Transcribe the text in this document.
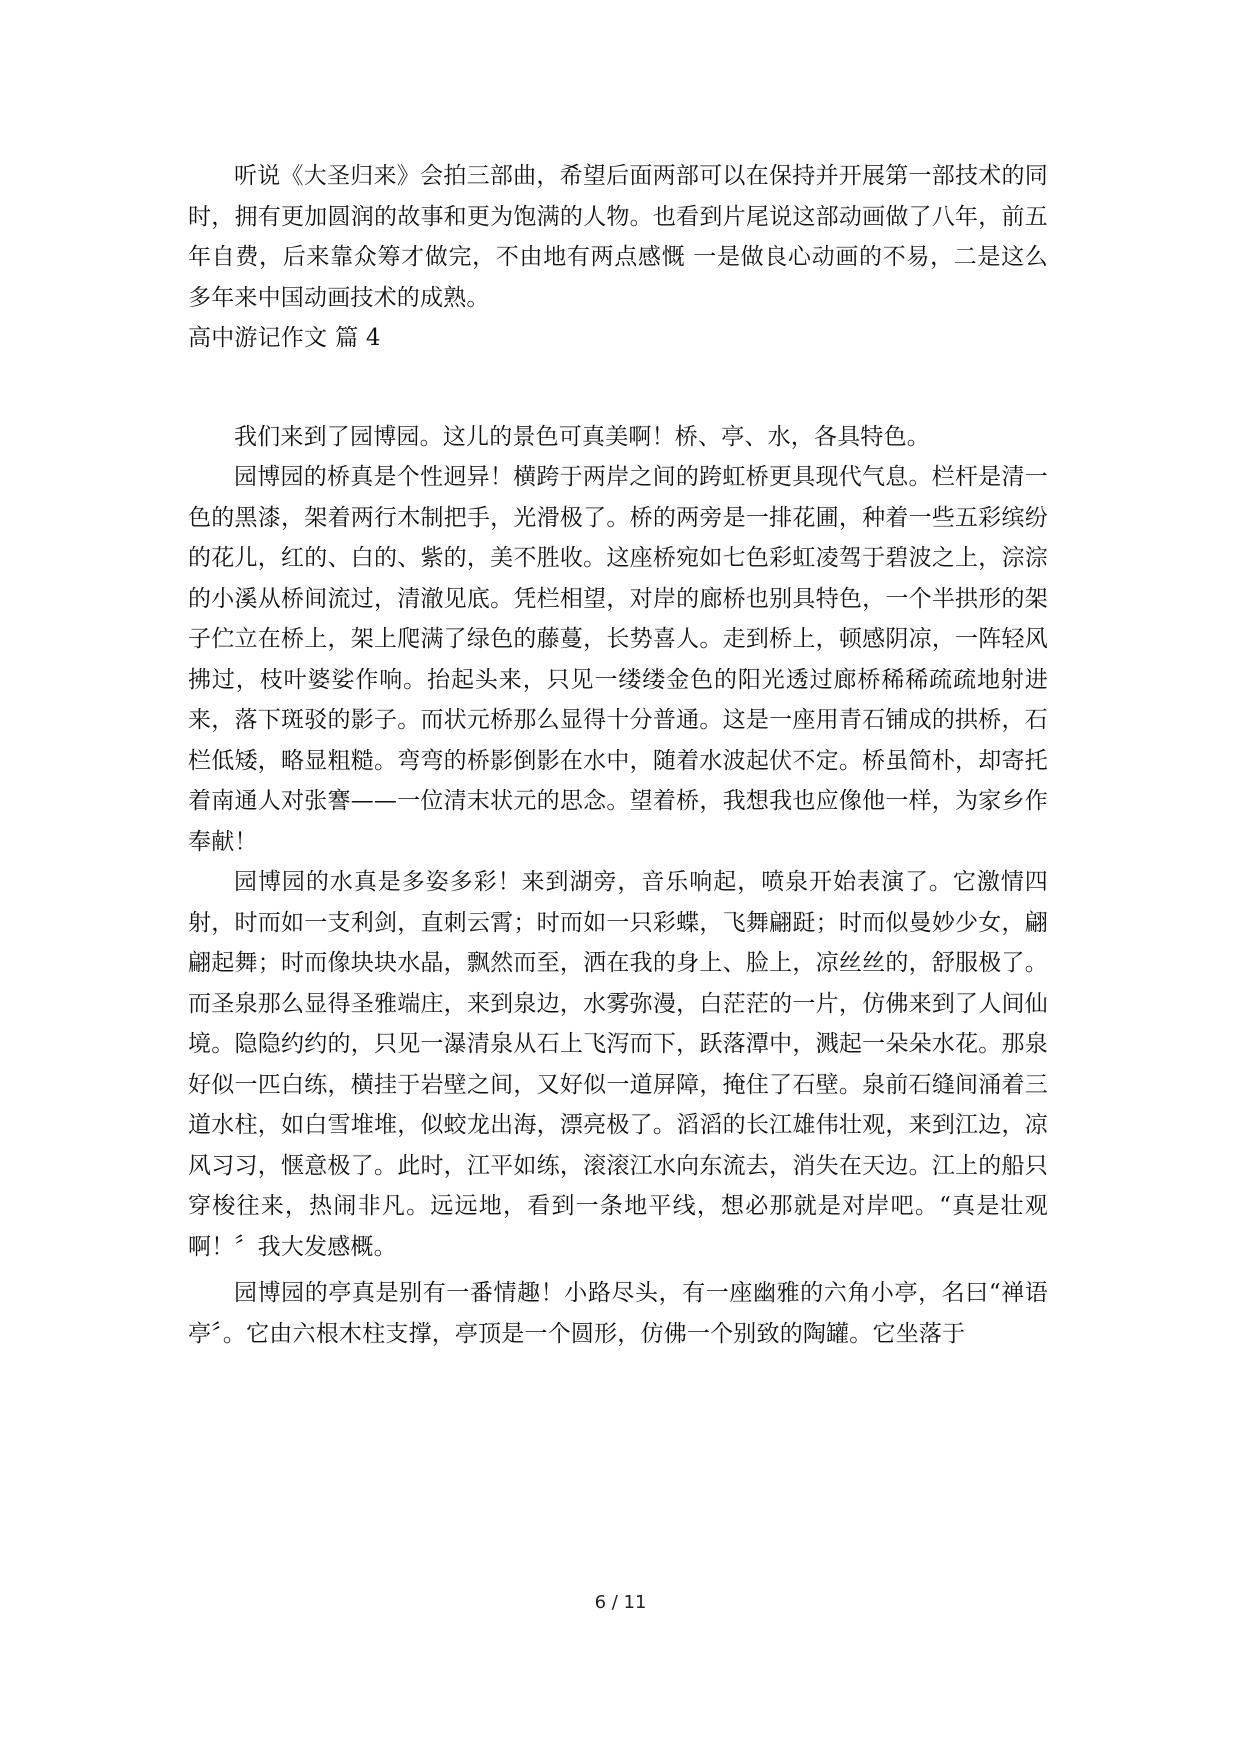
听说《大圣归来》会拍三部曲，希望后面两部可以在保持并开展第一部技术的同时，拥有更加圆润的故事和更为饱满的人物。也看到片尾说这部动画做了八年，前五年自费，后来靠众筹才做完，不由地有两点感慨 一是做良心动画的不易，二是这么多年来中国动画技术的成熟。

高中游记作文 篇 4

我们来到了园博园。这儿的景色可真美啊！桥、亭、水，各具特色。

园博园的桥真是个性迥异！横跨于两岸之间的跨虹桥更具现代气息。栏杆是清一色的黑漆，架着两行木制把手，光滑极了。桥的两旁是一排花圃，种着一些五彩缤纷的花儿，红的、白的、紫的，美不胜收。这座桥宛如七色彩虹凌驾于碧波之上，淙淙的小溪从桥间流过，清澈见底。凭栏相望，对岸的廊桥也别具特色，一个半拱形的架子伫立在桥上，架上爬满了绿色的藤蔓，长势喜人。走到桥上，顿感阴凉，一阵轻风拂过，枝叶婆娑作响。抬起头来，只见一缕缕金色的阳光透过廊桥稀稀疏疏地射进来，落下斑驳的影子。而状元桥那么显得十分普通。这是一座用青石铺成的拱桥，石栏低矮，略显粗糙。弯弯的桥影倒影在水中，随着水波起伏不定。桥虽简朴，却寄托着南通人对张謇——一位清末状元的思念。望着桥，我想我也应像他一样，为家乡作奉献！

园博园的水真是多姿多彩！来到湖旁，音乐响起，喷泉开始表演了。它激情四射，时而如一支利剑，直刺云霄；时而如一只彩蝶，飞舞翩跹；时而似曼妙少女，翩翩起舞；时而像块块水晶，飘然而至，洒在我的身上、脸上，凉丝丝的，舒服极了。而圣泉那么显得圣雅端庄，来到泉边，水雾弥漫，白茫茫的一片，仿佛来到了人间仙境。隐隐约约的，只见一瀑清泉从石上飞泻而下，跃落潭中，溅起一朵朵水花。那泉好似一匹白练，横挂于岩壁之间，又好似一道屏障，掩住了石壁。泉前石缝间涌着三道水柱，如白雪堆堆，似蛟龙出海，漂亮极了。滔滔的长江雄伟壮观，来到江边，凉风习习，惬意极了。此时，江平如练，滚滚江水向东流去，消失在天边。江上的船只穿梭往来，热闹非凡。远远地，看到一条地平线，想必那就是对岸吧。“真是壮观啊！〞我大发感概。

园博园的亭真是别有一番情趣！小路尽头，有一座幽雅的六角小亭，名曰“禅语亭〞。它由六根木柱支撑，亭顶是一个圆形，仿佛一个别致的陶罐。它坐落于

6 / 11
